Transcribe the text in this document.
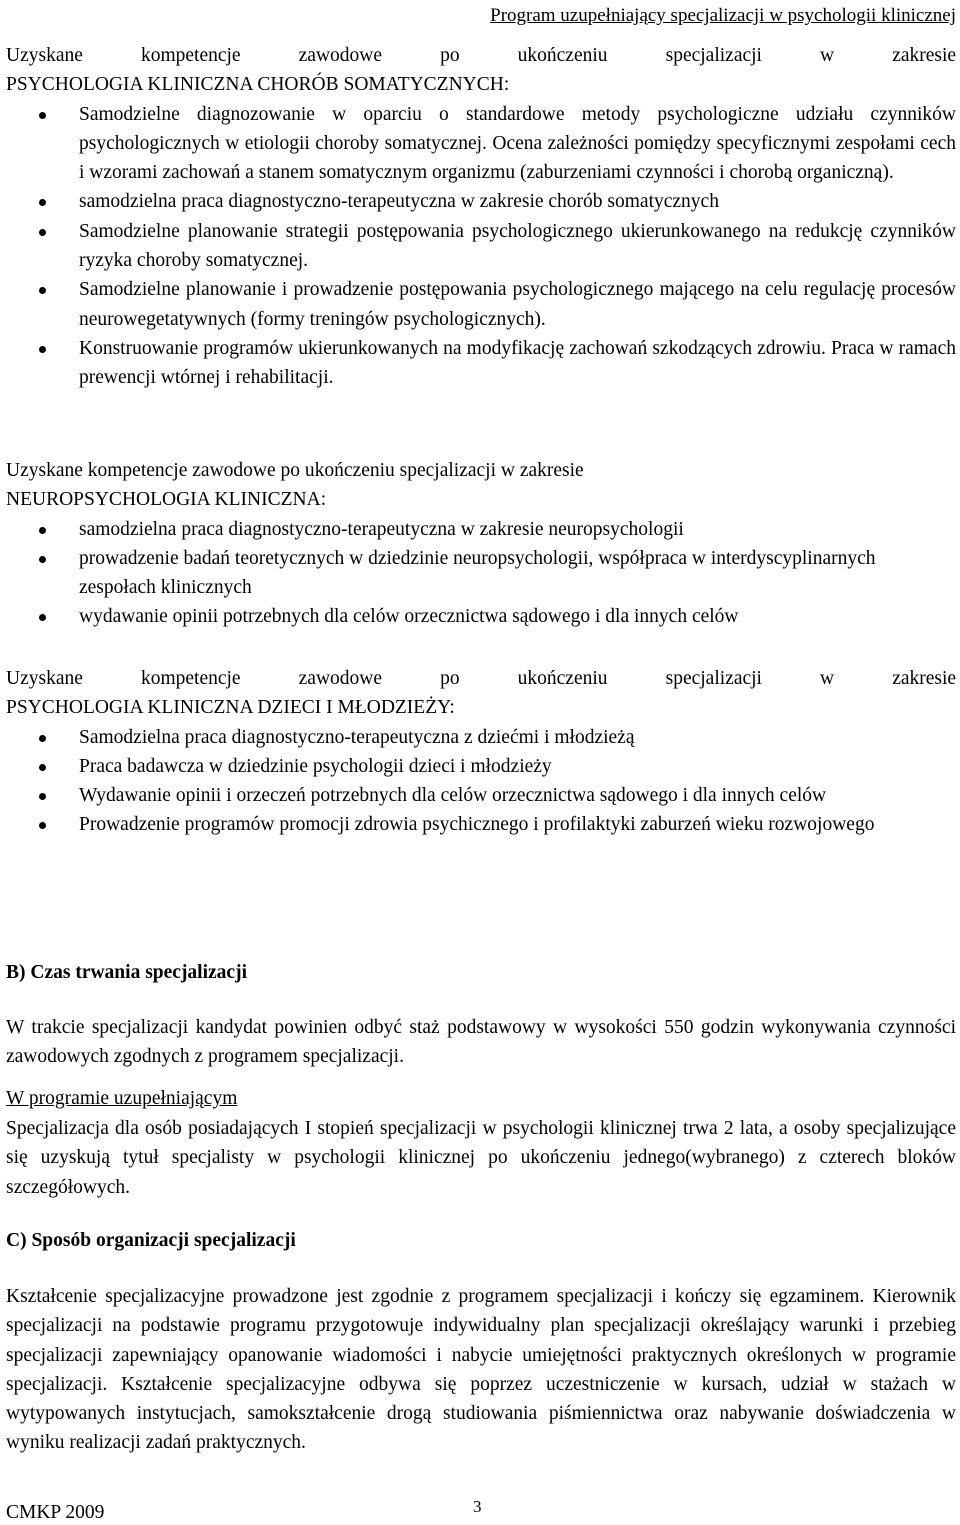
Program uzupełniający specjalizacji w psychologii klinicznej
Uzyskane	kompetencje	zawodowe	po	ukończeniu	specjalizacji	w	zakresie
PSYCHOLOGIA KLINICZNA CHORÓB SOMATYCZNYCH:
Samodzielne diagnozowanie w oparciu o standardowe metody psychologiczne udziału czynników psychologicznych w etiologii choroby somatycznej. Ocena zależności pomiędzy specyficznymi zespołami cech i wzorami zachowań a stanem somatycznym organizmu (zaburzeniami czynności i chorobą organiczną).
samodzielna praca diagnostyczno-terapeutyczna w zakresie chorób somatycznych
Samodzielne planowanie strategii postępowania psychologicznego ukierunkowanego na redukcję czynników ryzyka choroby somatycznej.
Samodzielne planowanie i prowadzenie postępowania psychologicznego mającego na celu regulację procesów neurowegetatywnych (formy treningów psychologicznych).
Konstruowanie programów ukierunkowanych na modyfikację zachowań szkodzących zdrowiu. Praca w ramach prewencji wtórnej i rehabilitacji.
Uzyskane kompetencje zawodowe po ukończeniu specjalizacji w zakresie
NEUROPSYCHOLOGIA KLINICZNA:
samodzielna praca diagnostyczno-terapeutyczna w zakresie neuropsychologii
prowadzenie badań teoretycznych w dziedzinie neuropsychologii, współpraca w interdyscyplinarnych zespołach klinicznych
wydawanie opinii potrzebnych dla celów orzecznictwa sądowego i dla innych celów
Uzyskane	kompetencje	zawodowe	po	ukończeniu	specjalizacji	w	zakresie
PSYCHOLOGIA KLINICZNA DZIECI I MŁODZIEŻY:
Samodzielna praca diagnostyczno-terapeutyczna z dziećmi i młodzieżą
Praca badawcza w dziedzinie psychologii dzieci i młodzieży
Wydawanie opinii i orzeczeń potrzebnych dla celów orzecznictwa sądowego i dla innych celów
Prowadzenie programów promocji zdrowia psychicznego i profilaktyki zaburzeń wieku rozwojowego
B) Czas trwania specjalizacji
W trakcie specjalizacji kandydat powinien odbyć staż podstawowy w wysokości 550 godzin wykonywania czynności zawodowych zgodnych z programem specjalizacji.
W programie uzupełniającym
Specjalizacja dla osób posiadających I stopień specjalizacji w psychologii klinicznej trwa 2 lata, a osoby specjalizujące się uzyskują tytuł specjalisty w psychologii klinicznej po ukończeniu jednego(wybranego) z czterech bloków szczegółowych.
C) Sposób organizacji specjalizacji
Kształcenie specjalizacyjne prowadzone jest zgodnie z programem specjalizacji i kończy się egzaminem. Kierownik specjalizacji na podstawie programu przygotowuje indywidualny plan specjalizacji określający warunki i przebieg specjalizacji zapewniający opanowanie wiadomości i nabycie umiejętności praktycznych określonych w programie specjalizacji. Kształcenie specjalizacyjne odbywa się poprzez uczestniczenie w kursach, udział w stażach w wytypowanych instytucjach, samokształcenie drogą studiowania piśmiennictwa oraz nabywanie doświadczenia w wyniku realizacji zadań praktycznych.
CMKP 2009	3
